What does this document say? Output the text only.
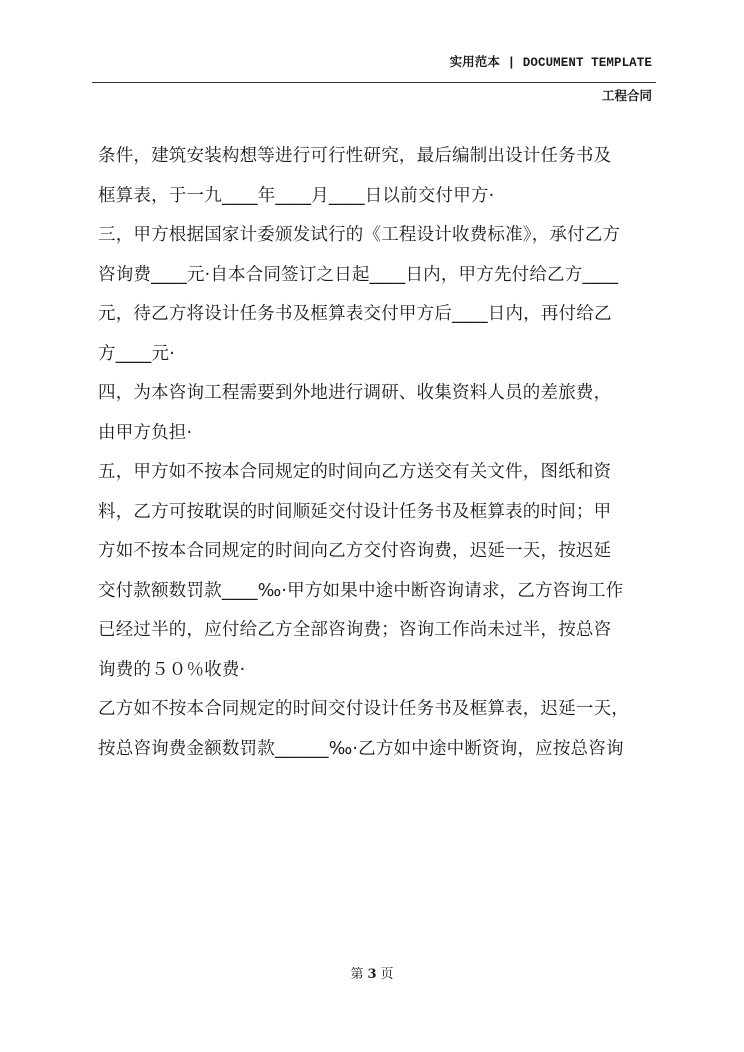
实用范本 | DOCUMENT TEMPLATE
工程合同
条件，建筑安装构想等进行可行性研究，最后编制出设计任务书及
框算表，于一九____年____月____日以前交付甲方·
三，甲方根据国家计委颁发试行的《工程设计收费标准》，承付乙方
咨询费____元·自本合同签订之日起____日内，甲方先付给乙方____
元，待乙方将设计任务书及框算表交付甲方后____日内，再付给乙
方____元·
四，为本咨询工程需要到外地进行调研、收集资料人员的差旅费，
由甲方负担·
五，甲方如不按本合同规定的时间向乙方送交有关文件，图纸和资
料，乙方可按耽误的时间顺延交付设计任务书及框算表的时间；甲
方如不按本合同规定的时间向乙方交付咨询费，迟延一天，按迟延
交付款额数罚款____‰·甲方如果中途中断咨询请求，乙方咨询工作
已经过半的，应付给乙方全部咨询费；咨询工作尚未过半，按总咨
询费的５０％收费·
乙方如不按本合同规定的时间交付设计任务书及框算表，迟延一天，
按总咨询费金额数罚款______‰·乙方如中途中断资询，应按总咨询
第 3 页
